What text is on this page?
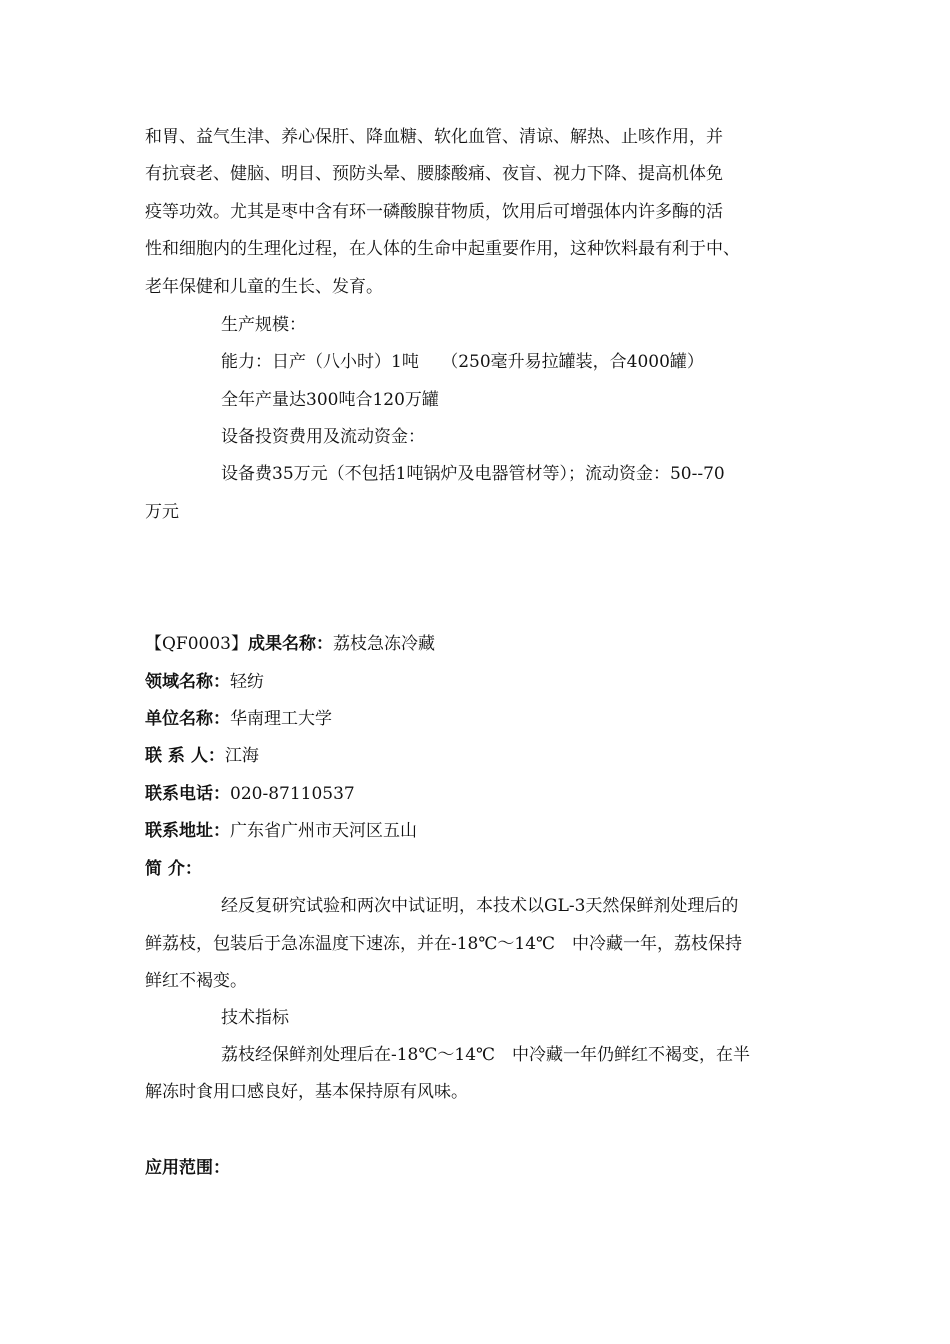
和胃、益气生津、养心保肝、降血糖、软化血管、清谅、解热、止咳作用，并
有抗衰老、健脑、明目、预防头晕、腰膝酸痛、夜盲、视力下降、提高机体免
疫等功效。尤其是枣中含有环一磷酸腺苷物质，饮用后可增强体内许多酶的活
性和细胞内的生理化过程，在人体的生命中起重要作用，这种饮料最有利于中、
老年保健和儿童的生长、发育。
生产规模：
能力：日产（八小时）1吨　 （250毫升易拉罐装，合4000罐）
全年产量达300吨合120万罐
设备投资费用及流动资金：
设备费35万元（不包括1吨锅炉及电器管材等）；流动资金：50--70
万元
【QF0003】成果名称：荔枝急冻冷藏
领域名称：轻纺
单位名称：华南理工大学
联 系 人：江海
联系电话：020-87110537
联系地址：广东省广州市天河区五山
简 介：
经反复研究试验和两次中试证明，本技术以GL-3天然保鲜剂处理后的
鲜荔枝，包装后于急冻温度下速冻，并在-18℃～14℃　中冷藏一年，荔枝保持
鲜红不褐变。
技术指标
荔枝经保鲜剂处理后在-18℃～14℃　中冷藏一年仍鲜红不褐变，在半
解冻时食用口感良好，基本保持原有风味。
应用范围：
